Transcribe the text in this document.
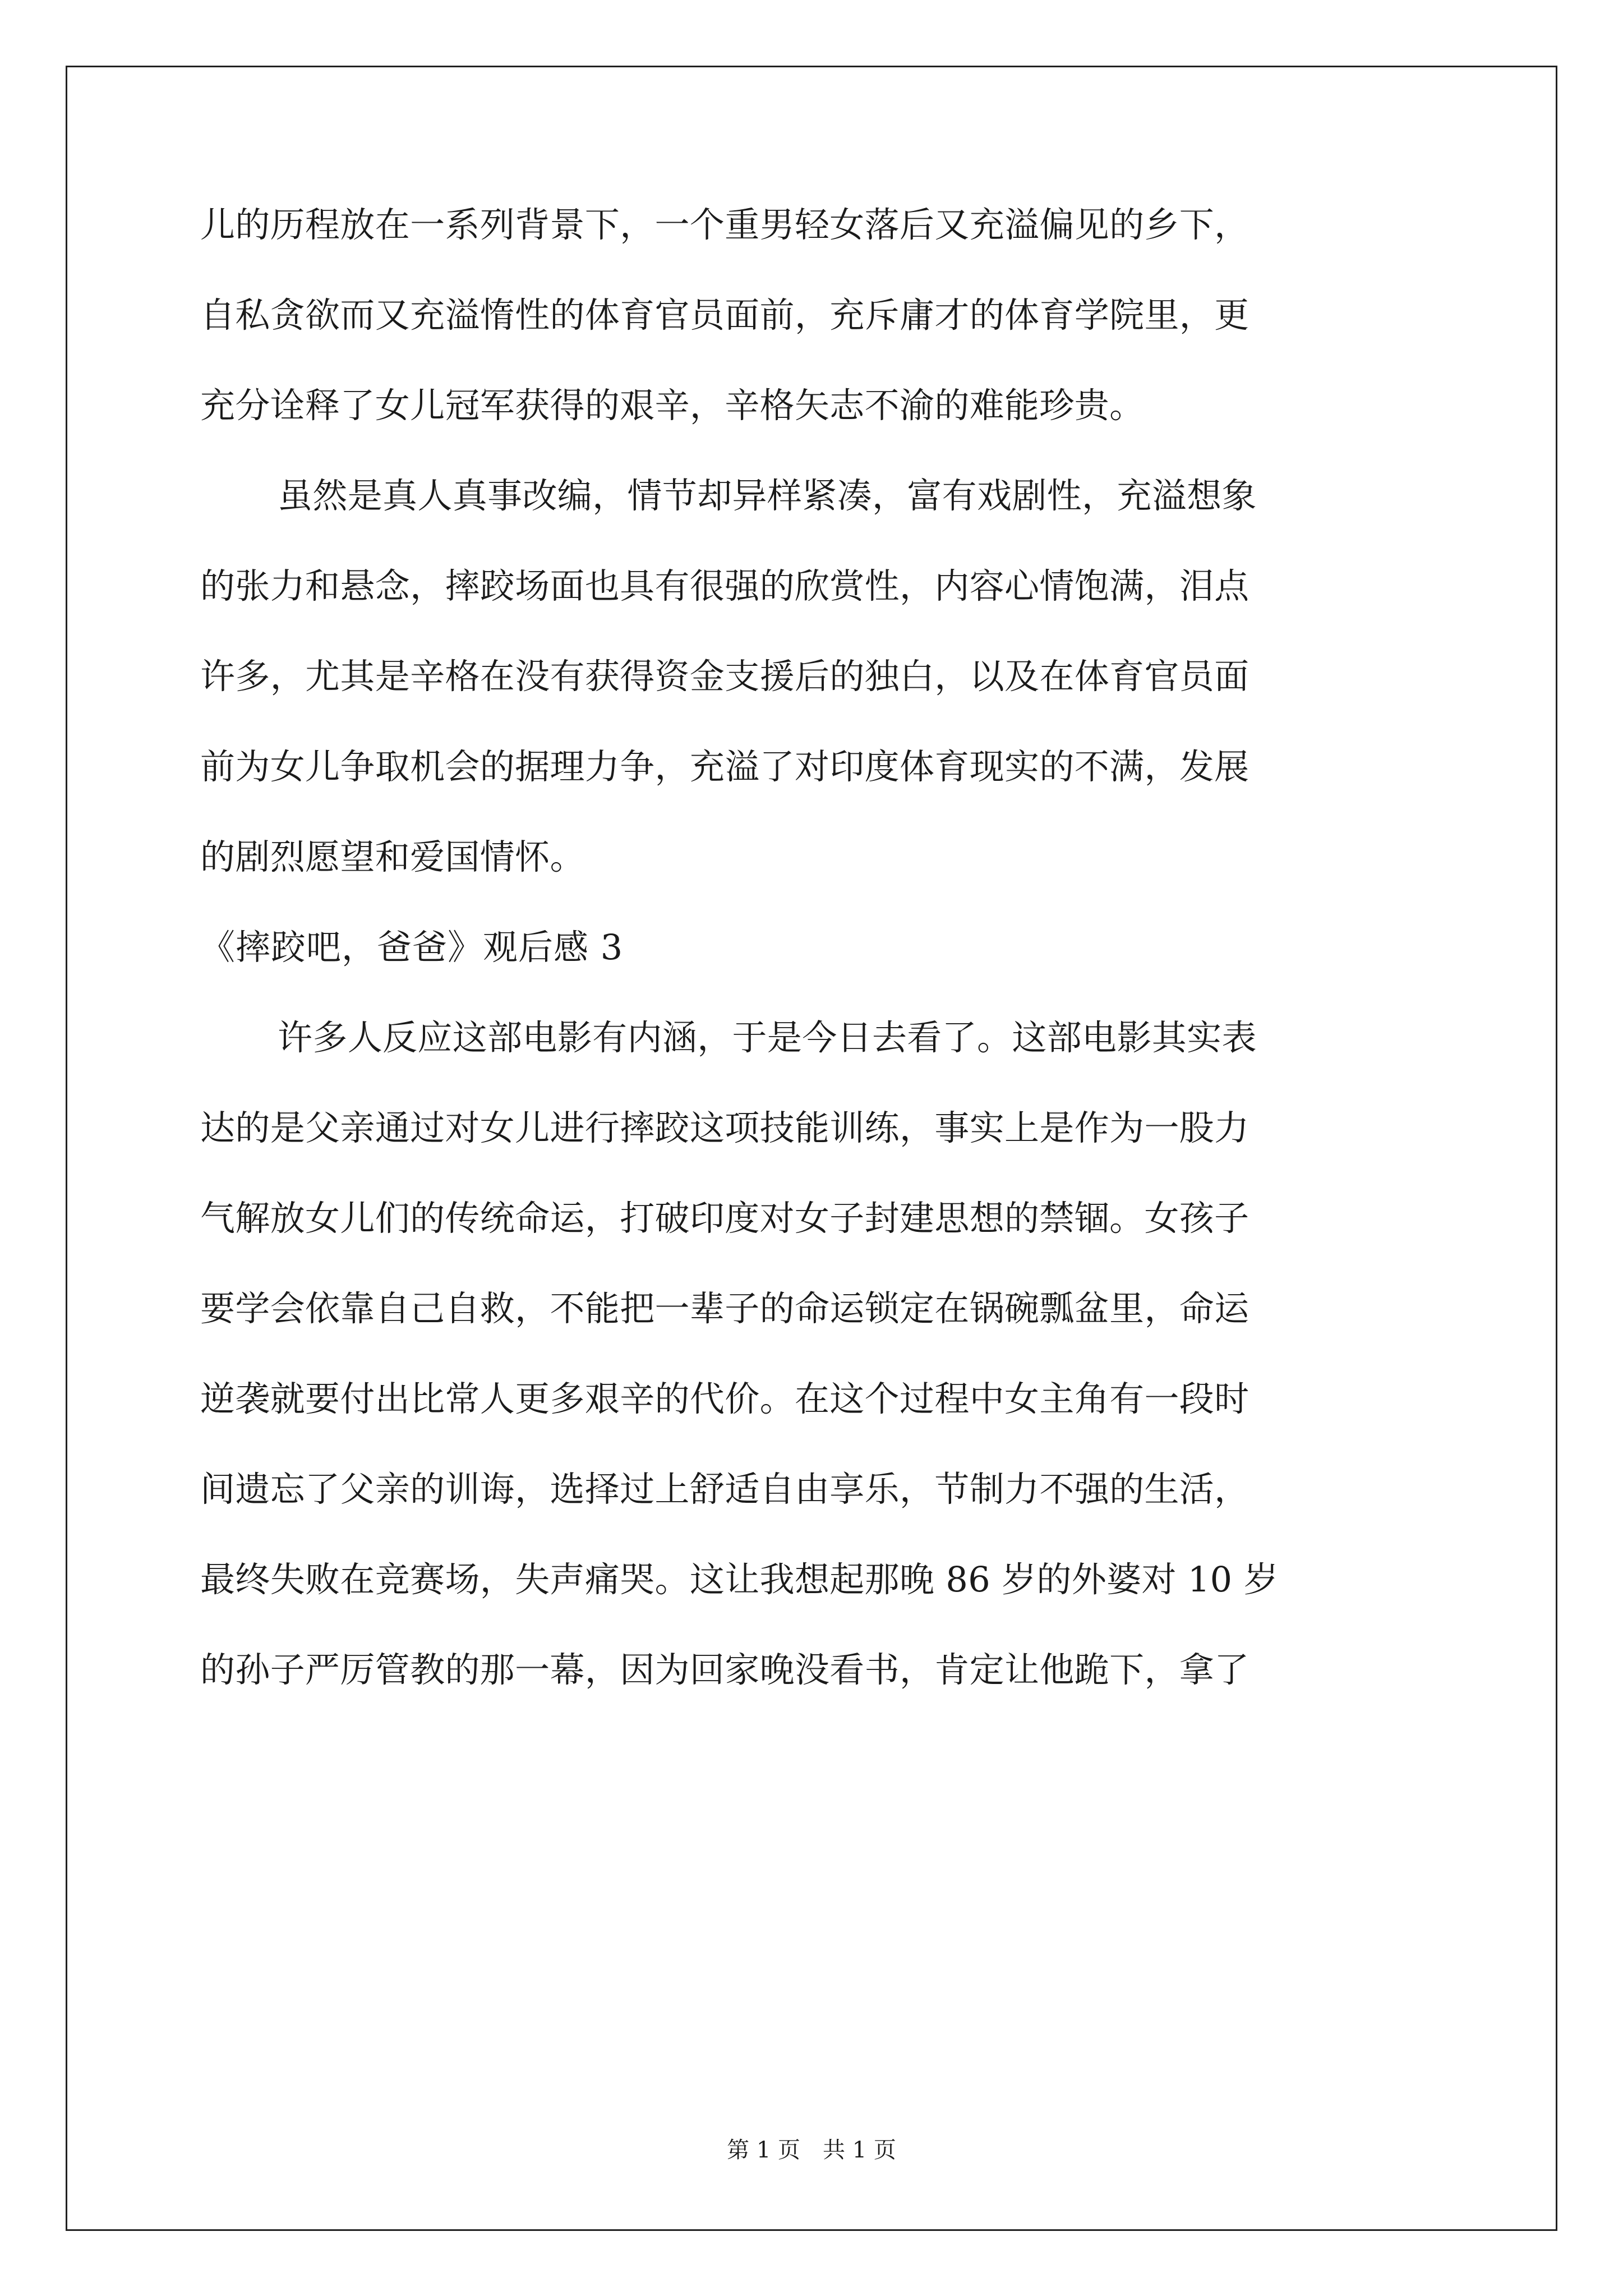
儿的历程放在一系列背景下，一个重男轻女落后又充溢偏见的乡下，
自私贪欲而又充溢惰性的体育官员面前，充斥庸才的体育学院里，更
充分诠释了女儿冠军获得的艰辛，辛格矢志不渝的难能珍贵。
虽然是真人真事改编，情节却异样紧凑，富有戏剧性，充溢想象
的张力和悬念，摔跤场面也具有很强的欣赏性，内容心情饱满，泪点
许多，尤其是辛格在没有获得资金支援后的独白，以及在体育官员面
前为女儿争取机会的据理力争，充溢了对印度体育现实的不满，发展
的剧烈愿望和爱国情怀。
《摔跤吧，爸爸》观后感 3
许多人反应这部电影有内涵，于是今日去看了。这部电影其实表
达的是父亲通过对女儿进行摔跤这项技能训练，事实上是作为一股力
气解放女儿们的传统命运，打破印度对女子封建思想的禁锢。女孩子
要学会依靠自己自救，不能把一辈子的命运锁定在锅碗瓢盆里，命运
逆袭就要付出比常人更多艰辛的代价。在这个过程中女主角有一段时
间遗忘了父亲的训诲，选择过上舒适自由享乐，节制力不强的生活，
最终失败在竞赛场，失声痛哭。这让我想起那晚 86 岁的外婆对 10 岁
的孙子严厉管教的那一幕，因为回家晚没看书，肯定让他跪下，拿了
第 1 页　共 1 页
